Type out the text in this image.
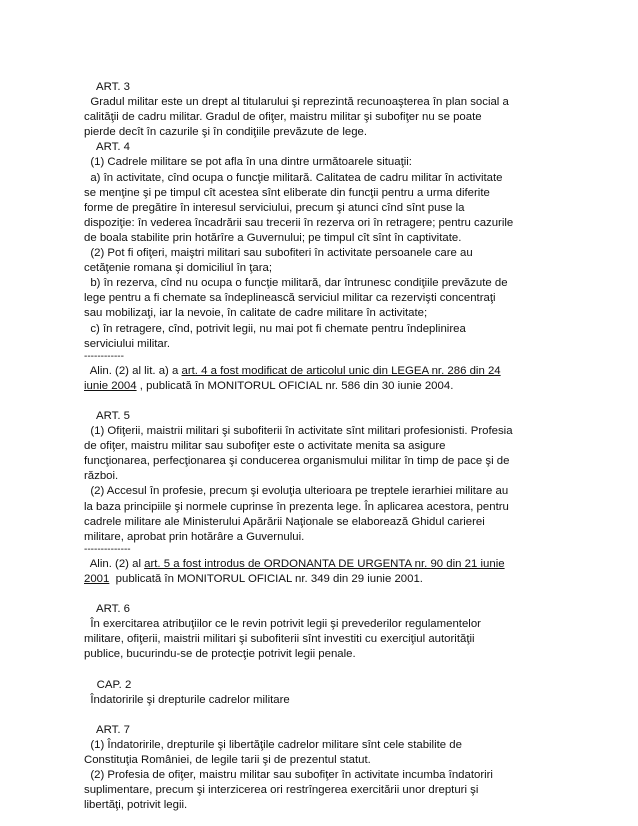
ART. 3
Gradul militar este un drept al titularului şi reprezintă recunoaşterea în plan social a
calităţii de cadru militar. Gradul de ofiţer, maistru militar şi subofiţer nu se poate
pierde decît în cazurile şi în condiţiile prevăzute de lege.
ART. 4
(1) Cadrele militare se pot afla în una dintre următoarele situaţii:
a) în activitate, cînd ocupa o funcţie militară. Calitatea de cadru militar în activitate
se menţine şi pe timpul cît acestea sînt eliberate din funcţii pentru a urma diferite
forme de pregătire în interesul serviciului, precum şi atunci cînd sînt puse la
dispoziţie: în vederea încadrării sau trecerii în rezerva ori în retragere; pentru cazurile
de boala stabilite prin hotărîre a Guvernului; pe timpul cît sînt în captivitate.
(2) Pot fi ofiţeri, maiştri militari sau subofiteri în activitate persoanele care au
cetăţenie romana şi domiciliul în ţara;
b) în rezerva, cînd nu ocupa o funcţie militară, dar întrunesc condiţiile prevăzute de
lege pentru a fi chemate sa îndeplinească serviciul militar ca rezervişti concentraţi
sau mobilizaţi, iar la nevoie, în calitate de cadre militare în activitate;
c) în retragere, cînd, potrivit legii, nu mai pot fi chemate pentru îndeplinirea
serviciului militar.
------------
Alin. (2) al lit. a) a art. 4 a fost modificat de articolul unic din LEGEA nr. 286 din 24
iunie 2004 , publicată în MONITORUL OFICIAL nr. 586 din 30 iunie 2004.
ART. 5
(1) Ofiţerii, maistrii militari şi subofiterii în activitate sînt militari profesionisti. Profesia
de ofiţer, maistru militar sau subofiţer este o activitate menita sa asigure
funcţionarea, perfecţionarea şi conducerea organismului militar în timp de pace şi de
război.
(2) Accesul în profesie, precum şi evoluţia ulterioara pe treptele ierarhiei militare au
la baza principiile şi normele cuprinse în prezenta lege. În aplicarea acestora, pentru
cadrele militare ale Ministerului Apărării Naţionale se elaborează Ghidul carierei
militare, aprobat prin hotărâre a Guvernului.
--------------
Alin. (2) al art. 5 a fost introdus de ORDONANTA DE URGENTA nr. 90 din 21 iunie
2001  publicată în MONITORUL OFICIAL nr. 349 din 29 iunie 2001.
ART. 6
În exercitarea atribuţiilor ce le revin potrivit legii şi prevederilor regulamentelor
militare, ofiţerii, maistrii militari şi subofiterii sînt investiti cu exerciţiul autorităţii
publice, bucurindu-se de protecţie potrivit legii penale.
CAP. 2
Îndatoririle şi drepturile cadrelor militare
ART. 7
(1) Îndatoririle, drepturile şi libertăţile cadrelor militare sînt cele stabilite de
Constituţia României, de legile tarii şi de prezentul statut.
(2) Profesia de ofiţer, maistru militar sau subofiţer în activitate incumba îndatoriri
suplimentare, precum şi interzicerea ori restrîngerea exercitării unor drepturi şi
libertăţi, potrivit legii.
